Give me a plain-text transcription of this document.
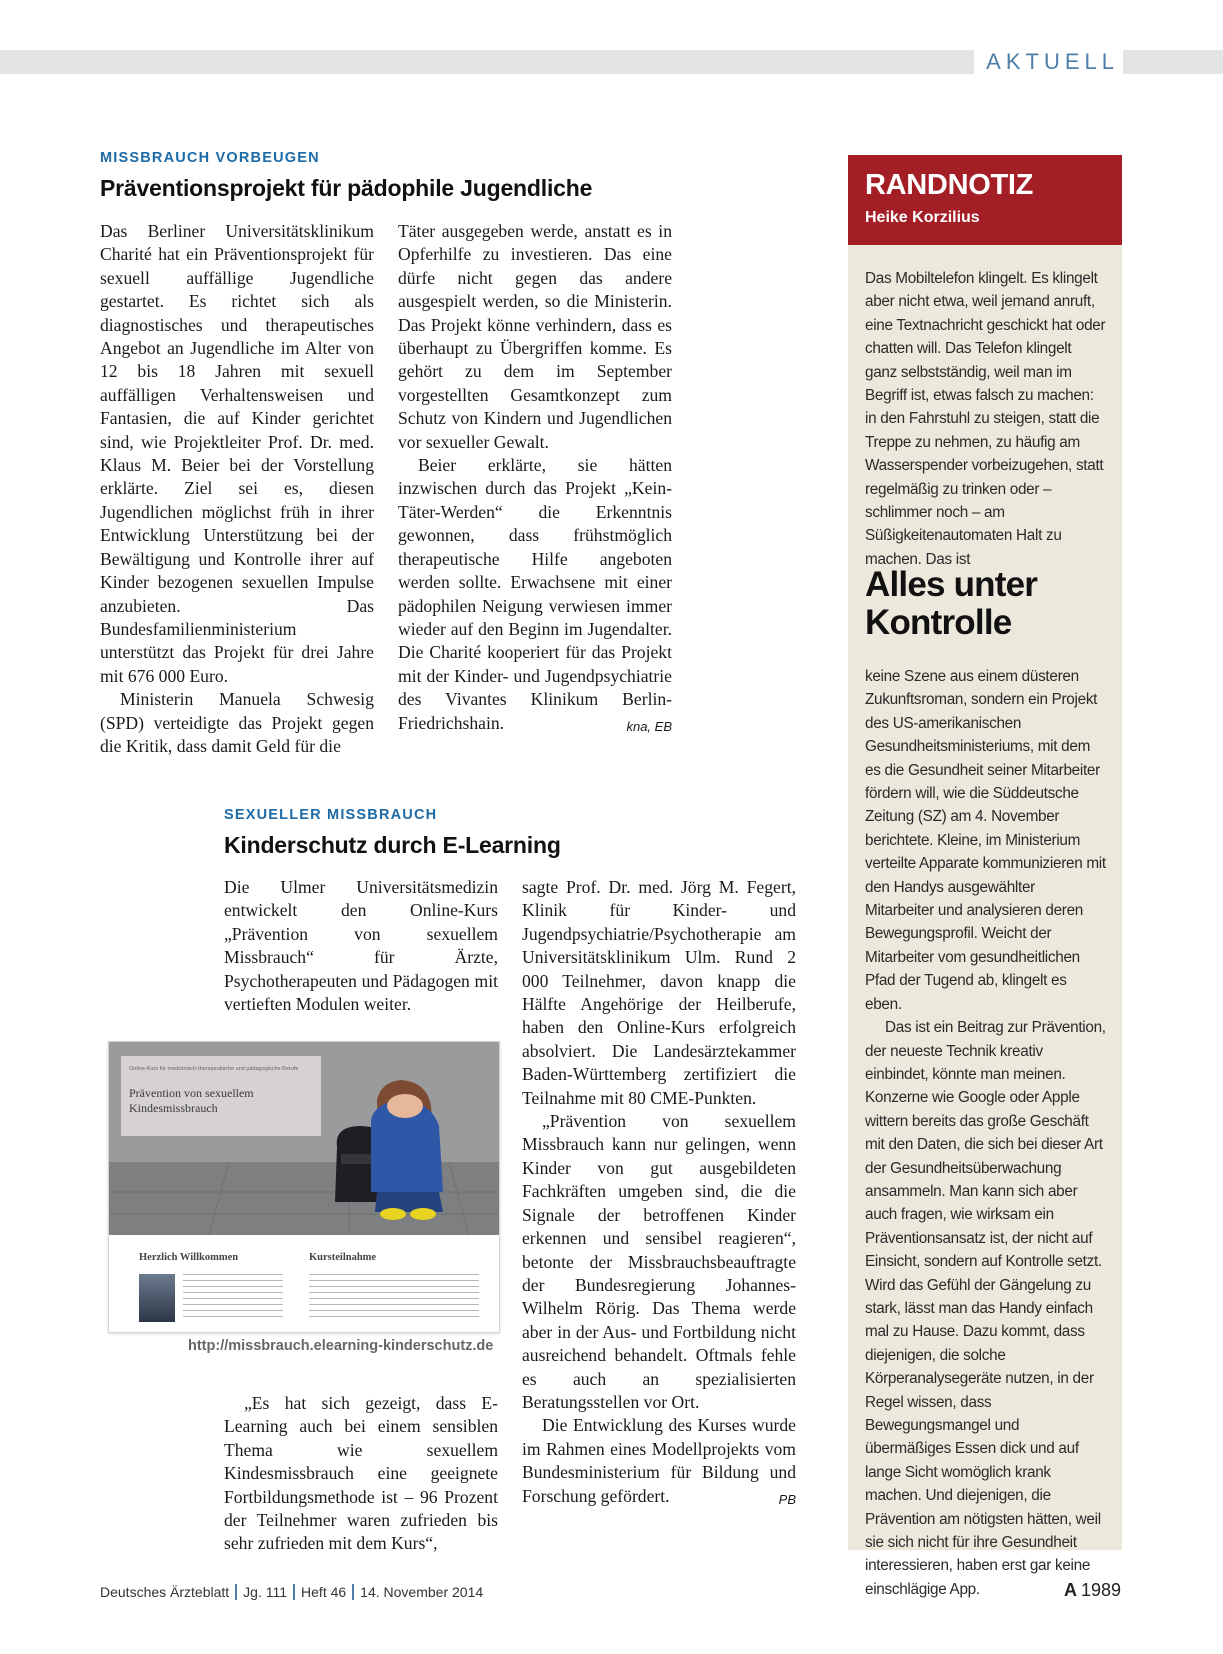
AKTUELL
MISSBRAUCH VORBEUGEN
Präventionsprojekt für pädophile Jugendliche

Das Berliner Universitätsklinikum Charité hat ein Präventionsprojekt für sexuell auffällige Jugendliche gestartet. Es richtet sich als diagnostisches und therapeutisches Angebot an Jugendliche im Alter von 12 bis 18 Jahren mit sexuell auffälligen Verhaltensweisen und Fantasien, die auf Kinder gerichtet sind, wie Projektleiter Prof. Dr. med. Klaus M. Beier bei der Vorstellung erklärte. Ziel sei es, diesen Jugendlichen möglichst früh in ihrer Entwicklung Unterstützung bei der Bewältigung und Kontrolle ihrer auf Kinder bezogenen sexuellen Impulse anzubieten. Das Bundesfamilienministerium unterstützt das Projekt für drei Jahre mit 676 000 Euro.

Ministerin Manuela Schwesig (SPD) verteidigte das Projekt gegen die Kritik, dass damit Geld für die

Täter ausgegeben werde, anstatt es in Opferhilfe zu investieren. Das eine dürfe nicht gegen das andere ausgespielt werden, so die Ministerin. Das Projekt könne verhindern, dass es überhaupt zu Übergriffen komme. Es gehört zu dem im September vorgestellten Gesamtkonzept zum Schutz von Kindern und Jugendlichen vor sexueller Gewalt.

Beier erklärte, sie hätten inzwischen durch das Projekt „Kein-Täter-Werden“ die Erkenntnis gewonnen, dass frühstmöglich therapeutische Hilfe angeboten werden sollte. Erwachsene mit einer pädophilen Neigung verwiesen immer wieder auf den Beginn im Jugendalter. Die Charité kooperiert für das Projekt mit der Kinder- und Jugendpsychiatrie des Vivantes Klinikum Berlin-Friedrichshain.	kna, EB

SEXUELLER MISSBRAUCH
Kinderschutz durch E-Learning

Die Ulmer Universitätsmedizin entwickelt den Online-Kurs „Prävention von sexuellem Missbrauch“ für Ärzte, Psychotherapeuten und Pädagogen mit vertieften Modulen weiter.

Online-Kurs für medizinisch-therapeutische und pädagogische Berufe
Prävention von sexuellem Kindesmissbrauch
Herzlich Willkommen	Kursteilnahme
http://missbrauch.elearning-kinderschutz.de

„Es hat sich gezeigt, dass E-Learning auch bei einem sensiblen Thema wie sexuellem Kindesmissbrauch eine geeignete Fortbildungsmethode ist – 96 Prozent der Teilnehmer waren zufrieden bis sehr zufrieden mit dem Kurs“,

sagte Prof. Dr. med. Jörg M. Fegert, Klinik für Kinder- und Jugendpsychiatrie/Psychotherapie am Universitätsklinikum Ulm. Rund 2 000 Teilnehmer, davon knapp die Hälfte Angehörige der Heilberufe, haben den Online-Kurs erfolgreich absolviert. Die Landesärztekammer Baden-Württemberg zertifiziert die Teilnahme mit 80 CME-Punkten.

„Prävention von sexuellem Missbrauch kann nur gelingen, wenn Kinder von gut ausgebildeten Fachkräften umgeben sind, die die Signale der betroffenen Kinder erkennen und sensibel reagieren“, betonte der Missbrauchsbeauftragte der Bundesregierung Johannes-Wilhelm Rörig. Das Thema werde aber in der Aus- und Fortbildung nicht ausreichend behandelt. Oftmals fehle es auch an spezialisierten Beratungsstellen vor Ort.

Die Entwicklung des Kurses wurde im Rahmen eines Modellprojekts vom Bundesministerium für Bildung und Forschung gefördert.	PB

RANDNOTIZ
Heike Korzilius

Das Mobiltelefon klingelt. Es klingelt aber nicht etwa, weil jemand anruft, eine Textnachricht geschickt hat oder chatten will. Das Telefon klingelt ganz selbstständig, weil man im Begriff ist, etwas falsch zu machen: in den Fahrstuhl zu steigen, statt die Treppe zu nehmen, zu häufig am Wasserspender vorbeizugehen, statt regelmäßig zu trinken oder – schlimmer noch – am Süßigkeitenautomaten Halt zu machen. Das ist

Alles unter Kontrolle

keine Szene aus einem düsteren Zukunftsroman, sondern ein Projekt des US-amerikanischen Gesundheitsministeriums, mit dem es die Gesundheit seiner Mitarbeiter fördern will, wie die Süddeutsche Zeitung (SZ) am 4. November berichtete. Kleine, im Ministerium verteilte Apparate kommunizieren mit den Handys ausgewählter Mitarbeiter und analysieren deren Bewegungsprofil. Weicht der Mitarbeiter vom gesundheitlichen Pfad der Tugend ab, klingelt es eben.

Das ist ein Beitrag zur Prävention, der neueste Technik kreativ einbindet, könnte man meinen. Konzerne wie Google oder Apple wittern bereits das große Geschäft mit den Daten, die sich bei dieser Art der Gesundheitsüberwachung ansammeln. Man kann sich aber auch fragen, wie wirksam ein Präventionsansatz ist, der nicht auf Einsicht, sondern auf Kontrolle setzt. Wird das Gefühl der Gängelung zu stark, lässt man das Handy einfach mal zu Hause. Dazu kommt, dass diejenigen, die solche Körperanalysegeräte nutzen, in der Regel wissen, dass Bewegungsmangel und übermäßiges Essen dick und auf lange Sicht womöglich krank machen. Und diejenigen, die Prävention am nötigsten hätten, weil sie sich nicht für ihre Gesundheit interessieren, haben erst gar keine einschlägige App.

Deutsches Ärzteblatt Jg. 111 Heft 46 14. November 2014	A 1989
